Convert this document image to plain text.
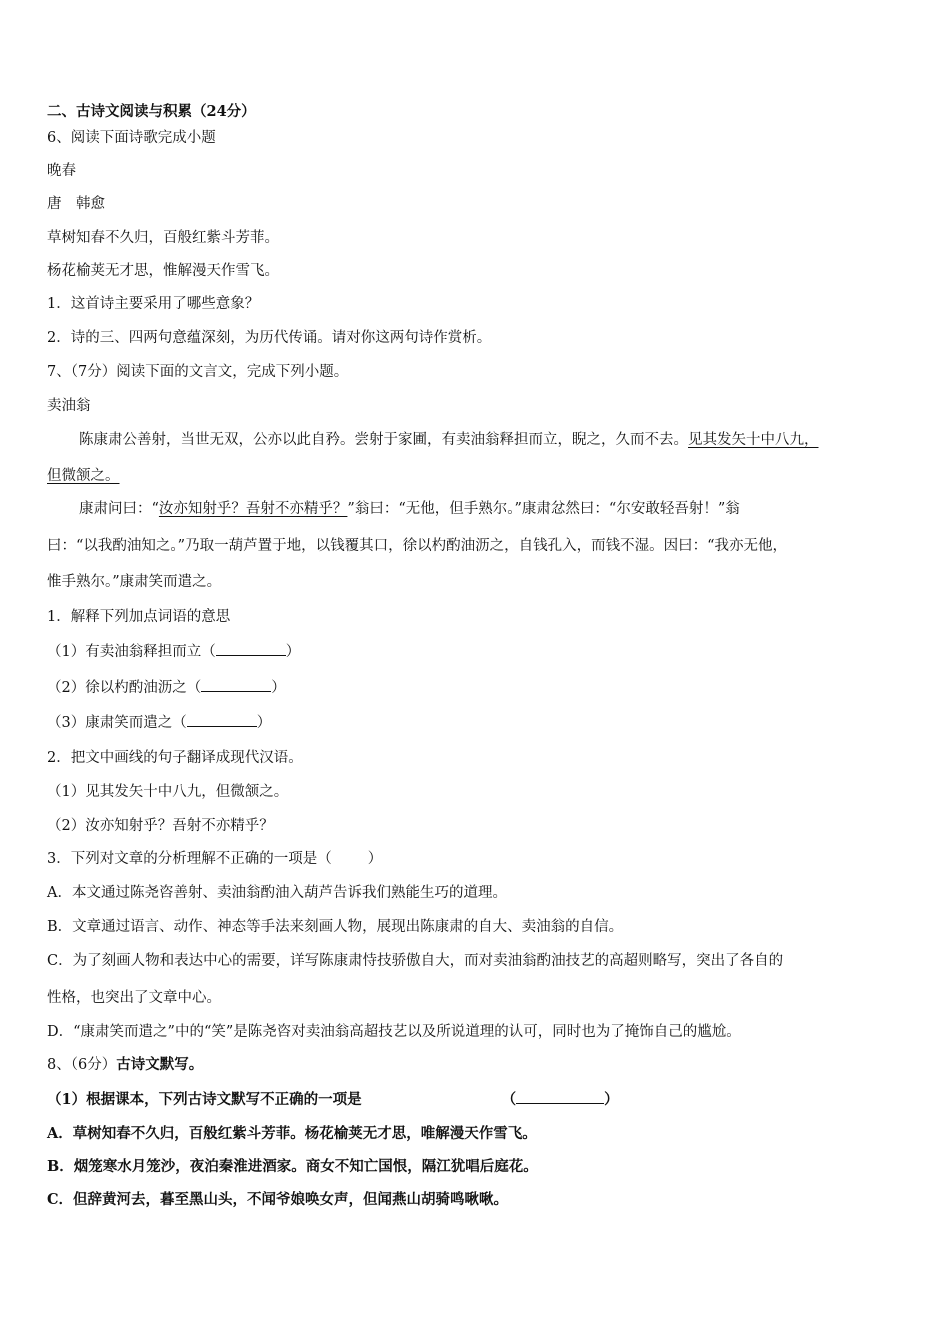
二、古诗文阅读与积累（24分）
6、阅读下面诗歌完成小题
晚春
唐　韩愈
草树知春不久归，百般红紫斗芳菲。
杨花榆荚无才思，惟解漫天作雪飞。
1．这首诗主要采用了哪些意象？
2．诗的三、四两句意蕴深刻，为历代传诵。请对你这两句诗作赏析。
7、（7分）阅读下面的文言文，完成下列小题。
卖油翁
陈康肃公善射，当世无双，公亦以此自矜。尝射于家圃，有卖油翁释担而立，睨之，久而不去。见其发矢十中八九，
但微颔之。
康肃问曰：“汝亦知射乎？吾射不亦精乎？”翁曰：“无他，但手熟尔。”康肃忿然曰：“尔安敢轻吾射！”翁
曰：“以我酌油知之。”乃取一葫芦置于地，以钱覆其口，徐以杓酌油沥之，自钱孔入，而钱不湿。因曰：“我亦无他，
惟手熟尔。”康肃笑而遣之。
1．解释下列加点词语的意思
（1）有卖油翁释担而立（	）
（2）徐以杓酌油沥之（	）
（3）康肃笑而遣之（	）
2．把文中画线的句子翻译成现代汉语。
（1）见其发矢十中八九，但微颔之。
（2）汝亦知射乎？吾射不亦精乎？
3．下列对文章的分析理解不正确的一项是（ ）
A．本文通过陈尧咨善射、卖油翁酌油入葫芦告诉我们熟能生巧的道理。
B．文章通过语言、动作、神态等手法来刻画人物，展现出陈康肃的自大、卖油翁的自信。
C．为了刻画人物和表达中心的需要，详写陈康肃恃技骄傲自大，而对卖油翁酌油技艺的高超则略写，突出了各自的
性格，也突出了文章中心。
D．“康肃笑而遣之”中的“笑”是陈尧咨对卖油翁高超技艺以及所说道理的认可，同时也为了掩饰自己的尴尬。
8、（6分）古诗文默写。
（1）根据课本，下列古诗文默写不正确的一项是	（	）
A．草树知春不久归，百般红紫斗芳菲。杨花榆荚无才思，唯解漫天作雪飞。
B．烟笼寒水月笼沙，夜泊秦淮进酒家。商女不知亡国恨，隔江犹唱后庭花。
C．但辞黄河去，暮至黑山头，不闻爷娘唤女声，但闻燕山胡骑鸣啾啾。
